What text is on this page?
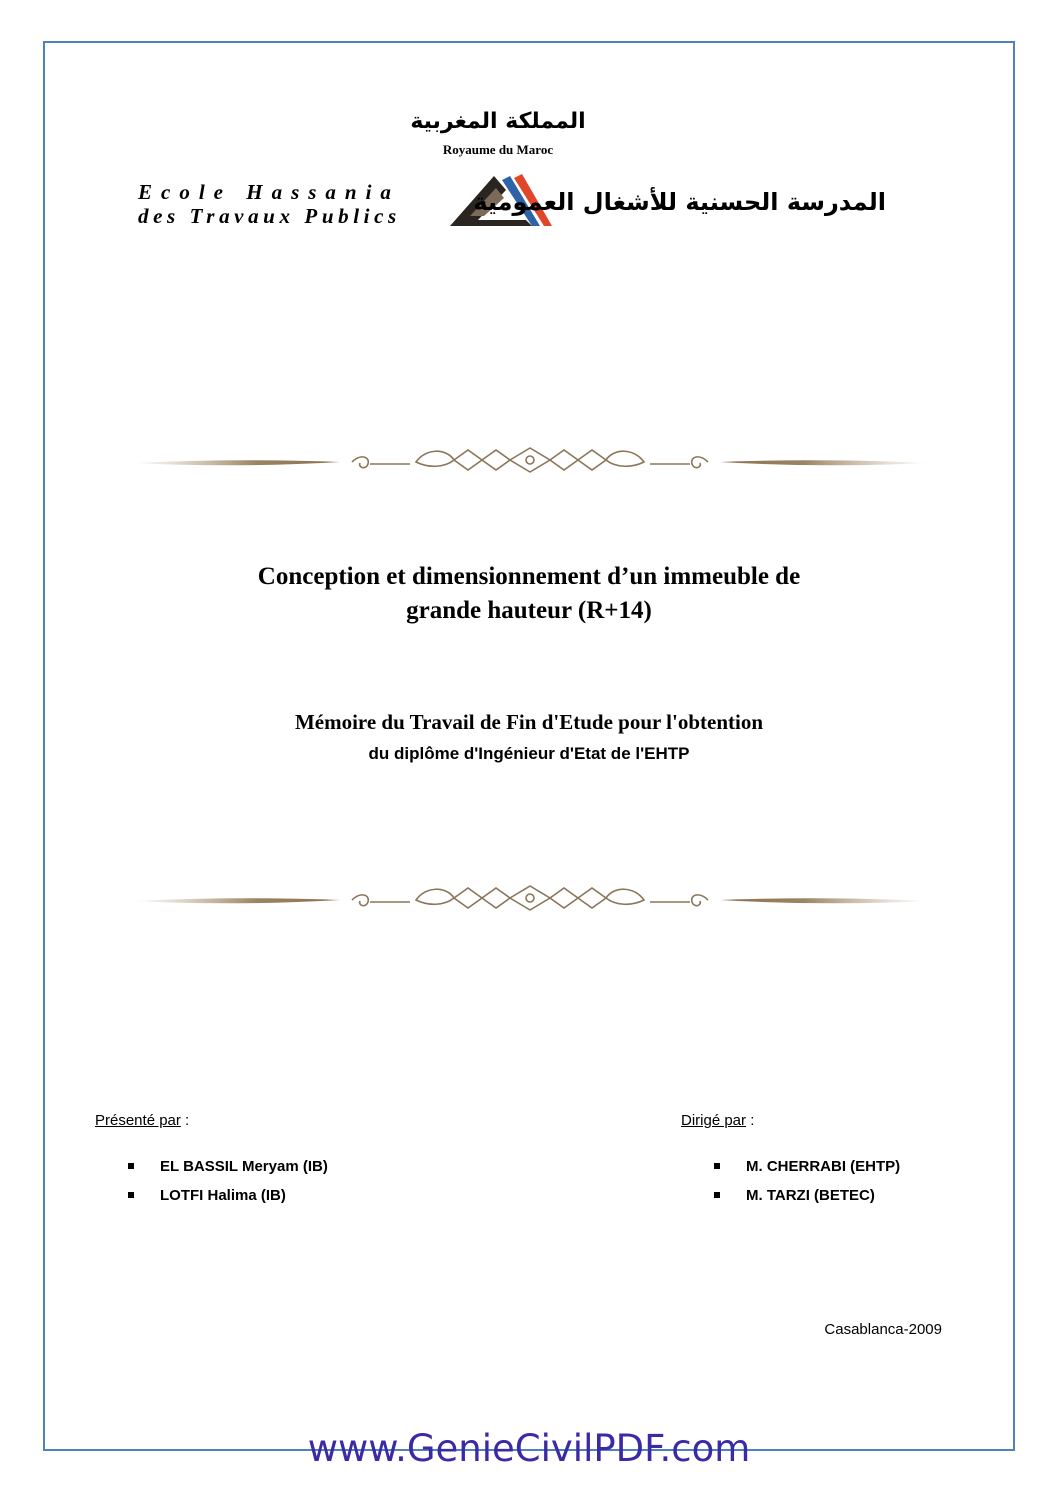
المملكة المغربية
Royaume du Maroc
Ecole Hassania
des Travaux Publics	المدرسة الحسنية للأشغال العمومية
Conception et dimensionnement d’un immeuble de
grande hauteur (R+14)
Mémoire du Travail de Fin d'Etude pour l'obtention
du diplôme d'Ingénieur d'Etat de l'EHTP
Présenté par :	Dirigé par :
EL BASSIL Meryam (IB)
LOTFI Halima (IB)
M. CHERRABI (EHTP)
M. TARZI (BETEC)
Casablanca-2009
www.GenieCivilPDF.com
